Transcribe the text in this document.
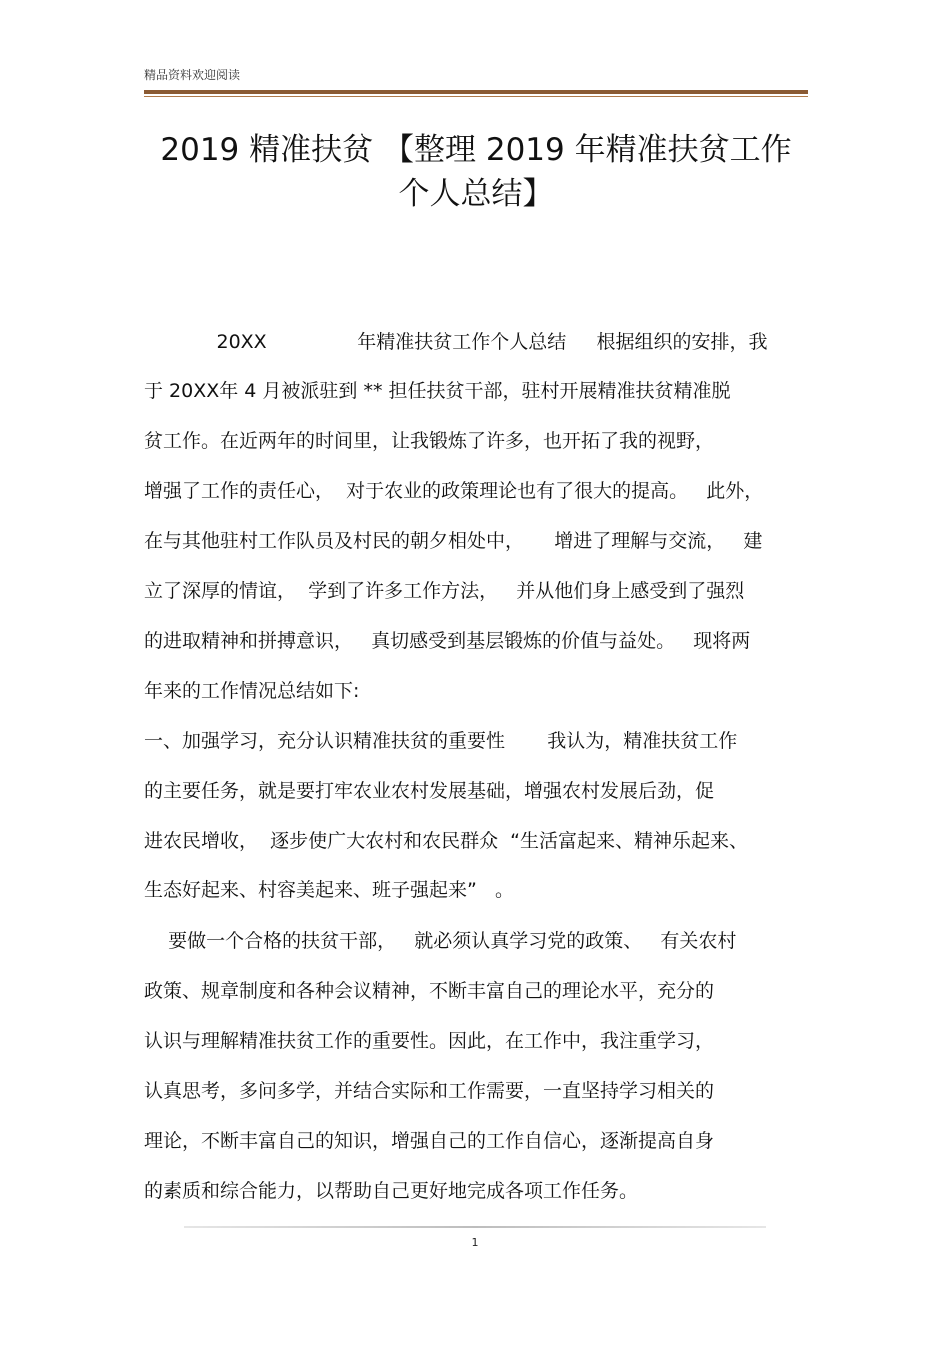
精品资料欢迎阅读
2019 精准扶贫 【整理 2019 年精准扶贫工作
个人总结】
20XX               年精准扶贫工作个人总结     根据组织的安排，我
于 20XX年 4 月被派驻到 ** 担任扶贫干部，驻村开展精准扶贫精准脱
贫工作。在近两年的时间里，让我锻炼了许多，也开拓了我的视野，
增强了工作的责任心，  对于农业的政策理论也有了很大的提高。   此外，
在与其他驻村工作队员及村民的朝夕相处中，     增进了理解与交流，   建
立了深厚的情谊，  学到了许多工作方法，   并从他们身上感受到了强烈
的进取精神和拼搏意识，   真切感受到基层锻炼的价值与益处。   现将两
年来的工作情况总结如下:
一、加强学习，充分认识精准扶贫的重要性       我认为，精准扶贫工作
的主要任务，就是要打牢农业农村发展基础，增强农村发展后劲，促
进农民增收，  逐步使广大农村和农民群众  “生活富起来、精神乐起来、
生态好起来、村容美起来、班子强起来”   。
要做一个合格的扶贫干部，   就必须认真学习党的政策、   有关农村
政策、规章制度和各种会议精神，不断丰富自己的理论水平，充分的
认识与理解精准扶贫工作的重要性。因此，在工作中，我注重学习，
认真思考，多问多学，并结合实际和工作需要，一直坚持学习相关的
理论，不断丰富自己的知识，增强自己的工作自信心，逐渐提高自身
的素质和综合能力，以帮助自己更好地完成各项工作任务。
1
